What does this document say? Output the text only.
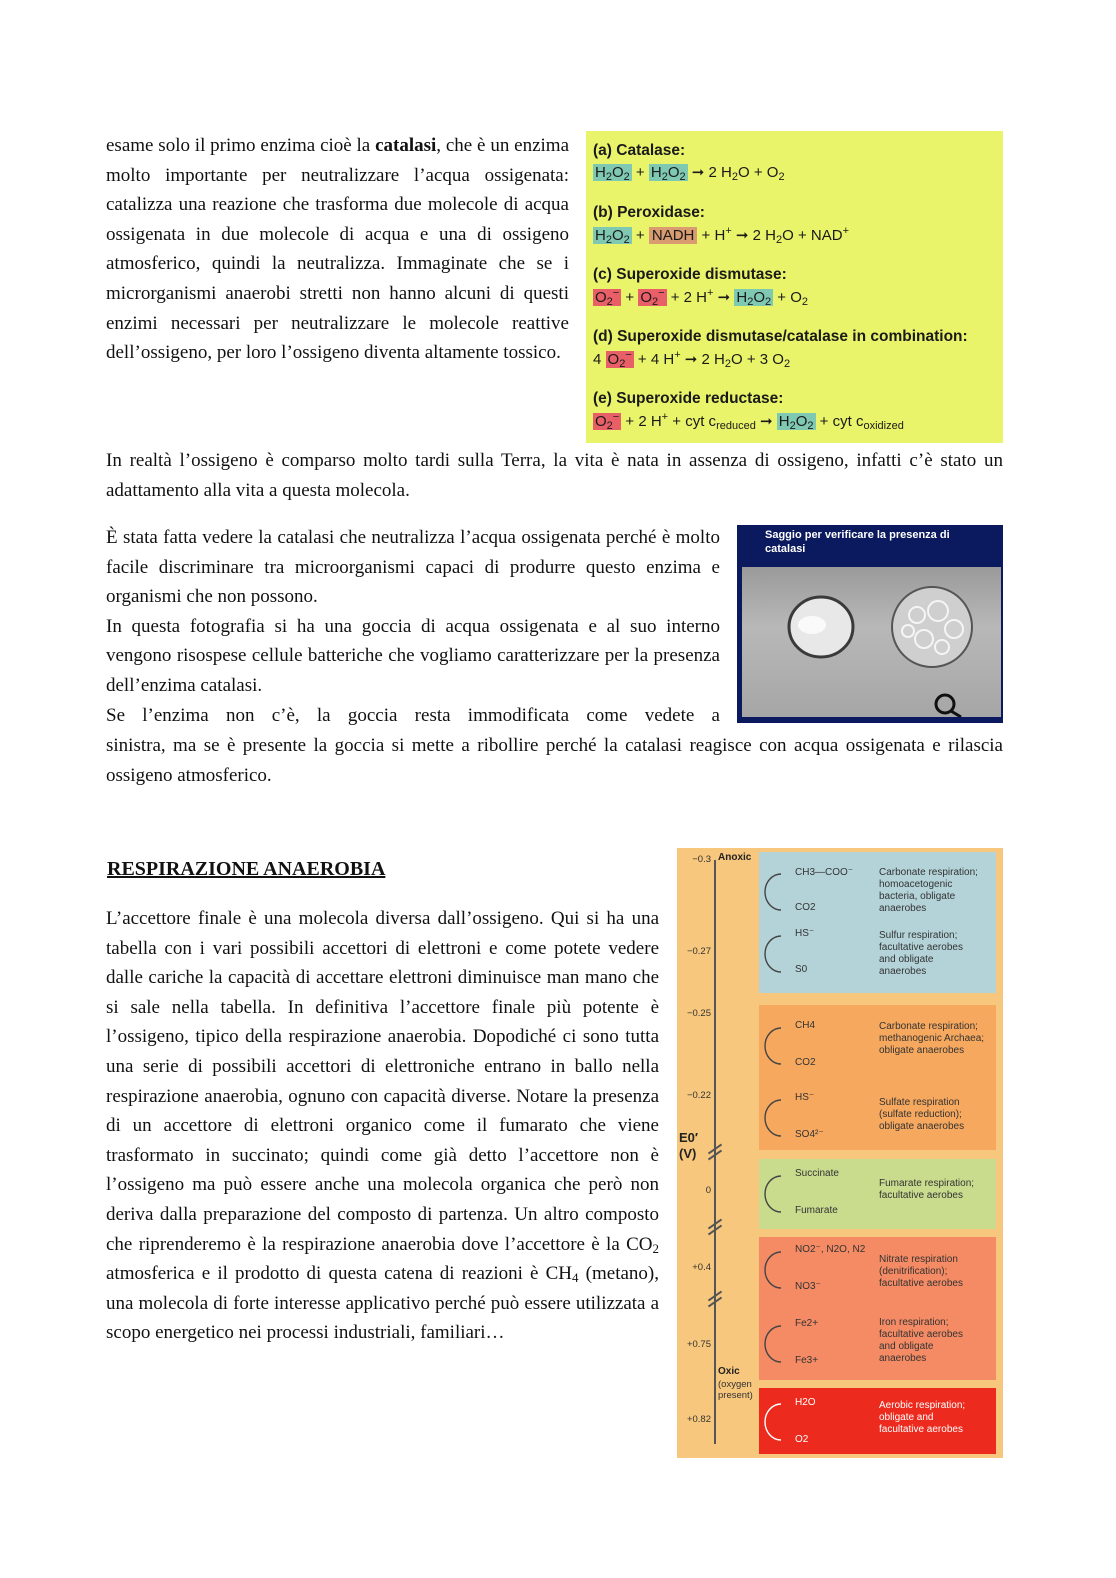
esame solo il primo enzima cioè la catalasi, che è un enzima molto importante per neutralizzare l’acqua ossigenata: catalizza una reazione che trasforma due molecole di acqua ossigenata in due molecole di acqua e una di ossigeno atmosferico, quindi la neutralizza. Immaginate che se i microrganismi anaerobi stretti non hanno alcuni di questi enzimi necessari per neutralizzare le molecole reattive dell’ossigeno, per loro l’ossigeno diventa altamente tossico.

(a) Catalase:
$H_2O_2 + H_2O_2$ ➞ 2 $H_2O + O_2$
(b) Peroxidase:
$H_2O_2$ + NADH + H+ ➞ 2 $H_2O + NAD^+$
(c) Superoxide dismutase:
$O_2^- + O_2^- + 2$ H+ ➞ $H_2O_2 + O_2$
(d) Superoxide dismutase/catalase in combination:
4 $O_2^- + 4$ H+ ➞ 2 $H_2O + 3$ $O_2$
(e) Superoxide reductase:
$O_2^- + 2$ H+ + cyt $c_{reduced}$ ➞ $H_2O_2$ + cyt $c_{oxidized}$

In realtà l’ossigeno è comparso molto tardi sulla Terra, la vita è nata in assenza di ossigeno, infatti c’è stato un adattamento alla vita a questa molecola.

È stata fatta vedere la catalasi che neutralizza l’acqua ossigenata perché è molto facile discriminare tra microorganismi capaci di produrre questo enzima e organismi che non possono.
In questa fotografia si ha una goccia di acqua ossigenata e al suo interno vengono risospese cellule batteriche che vogliamo caratterizzare per la presenza dell’enzima catalasi.

Se l’enzima non c’è, la goccia resta immodificata come vedete a

sinistra, ma se è presente la goccia si mette a ribollire perché la catalasi reagisce con acqua ossigenata e rilascia ossigeno atmosferico.

Saggio per verificare la presenza di catalasi
RESPIRAZIONE ANAEROBIA

L’accettore finale è una molecola diversa dall’ossigeno. Qui si ha una tabella con i vari possibili accettori di elettroni e come potete vedere dalle cariche la capacità di accettare elettroni diminuisce man mano che si sale nella tabella. In definitiva l’accettore finale più potente è l’ossigeno, tipico della respirazione anaerobia. Dopodiché ci sono tutta una serie di possibili accettori di elettroniche entrano in ballo nella respirazione anaerobia, ognuno con capacità diverse. Notare la presenza di un accettore di elettroni organico come il fumarato che viene trasformato in succinato; quindi come già detto l’accettore non è l’ossigeno ma può essere anche una molecola organica che però non deriva dalla preparazione del composto di partenza. Un altro composto che riprenderemo è la respirazione anaerobia dove l’accettore è la $CO_2$ atmosferica e il prodotto di questa catena di reazioni è $CH_4$ (metano), una molecola di forte interesse applicativo perché può essere utilizzata a scopo energetico nei processi industriali, familiari…

−0.3
−0.27
−0.25
−0.22
0
+0.4
+0.75
+0.82
E0′ (V)
Anoxic
Oxic
(oxygen present)
CH3—COO⁻
CO2
HS⁻
S0
CH4
CO2
HS⁻
SO4²⁻
Succinate
Fumarate
NO2⁻, N2O, N2
NO3⁻
Fe2+
Fe3+
H2O
O2
Carbonate respiration;
homoacetogenic
bacteria, obligate
anaerobes
Sulfur respiration;
facultative aerobes
and obligate
anaerobes
Carbonate respiration;
methanogenic Archaea;
obligate anaerobes
Sulfate respiration
(sulfate reduction);
obligate anaerobes
Fumarate respiration;
facultative aerobes
Nitrate respiration
(denitrification);
facultative aerobes
Iron respiration;
facultative aerobes
and obligate
anaerobes
Aerobic respiration;
obligate and
facultative aerobes
